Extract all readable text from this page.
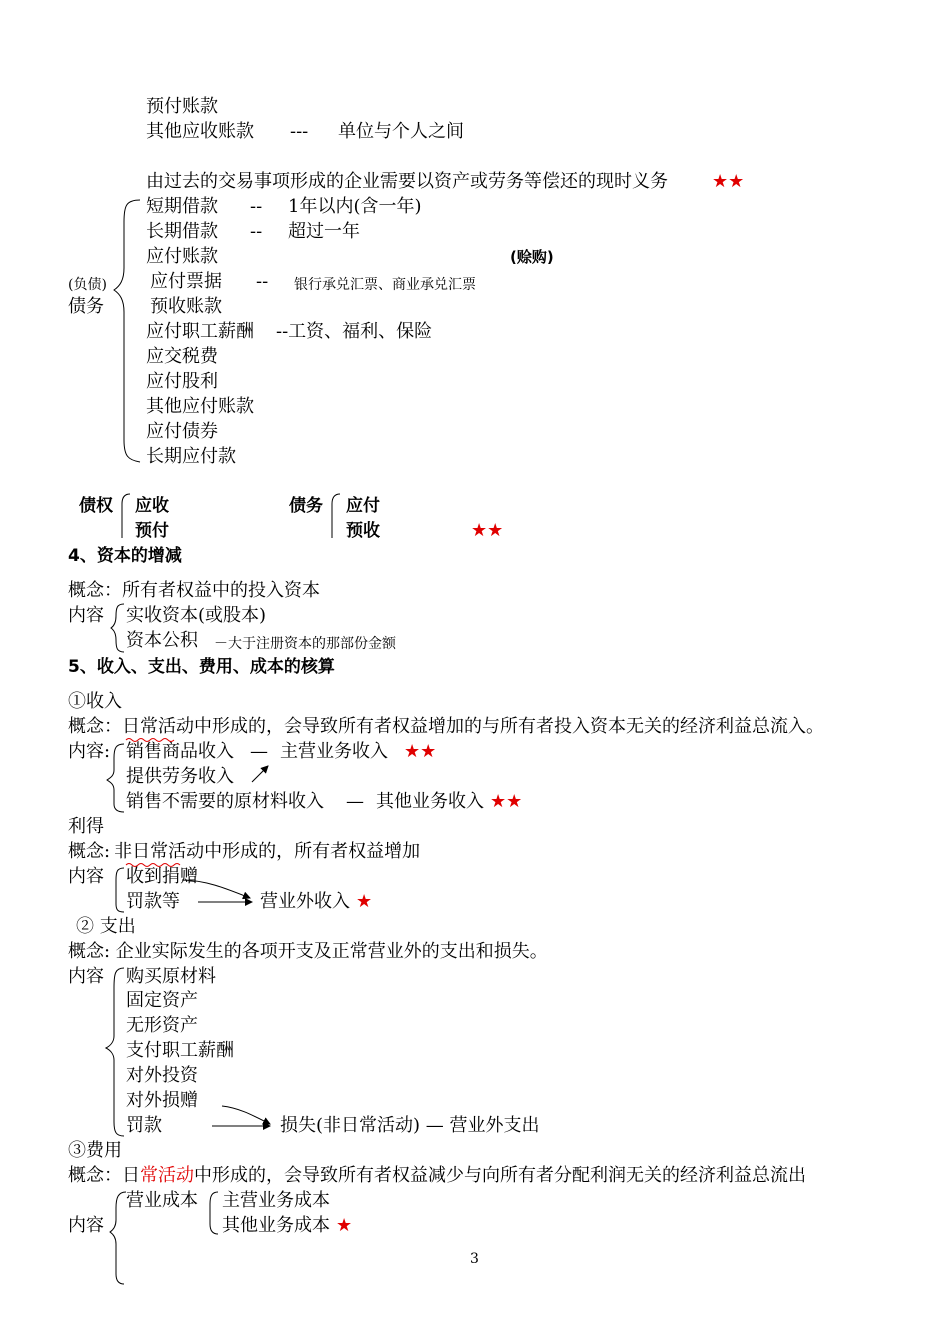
预付账款
其他应收账款 --- 单位与个人之间
由过去的交易事项形成的企业需要以资产或劳务等偿还的现时义务 ★★
短期借款 -- 1年以内(含一年)
长期借款 -- 超过一年
应付账款	(赊购)
(负债) 应付票据 -- 银行承兑汇票、商业承兑汇票
债务	预收账款
应付职工薪酬 --工资、福利、保险
应交税费
应付股利
其他应付账款
应付债券
长期应付款
债权 应收
预付
债务 应付
预收	★★
4、资本的增减
概念：所有者权益中的投入资本
内容 实收资本(或股本)
资本公积 －大于注册资本的那部份金额
5、收入、支出、费用、成本的核算
①收入
概念：日常活动中形成的，会导致所有者权益增加的与所有者投入资本无关的经济利益总流入。
内容: 销售商品收入 — 主营业务收入 ★★
提供劳务收入
销售不需要的原材料收入 — 其他业务收入 ★★
利得
概念: 非日常活动中形成的，所有者权益增加
内容 收到捐赠
罚款等	营业外收入 ★
② 支出
概念: 企业实际发生的各项开支及正常营业外的支出和损失。
内容 购买原材料
固定资产
无形资产
支付职工薪酬
对外投资
对外损赠
罚款	损失(非日常活动) — 营业外支出
③费用
概念：日常活动中形成的，会导致所有者权益减少与向所有者分配利润无关的经济利益总流出
营业成本 主营业务成本
内容	其他业务成本 ★
3
